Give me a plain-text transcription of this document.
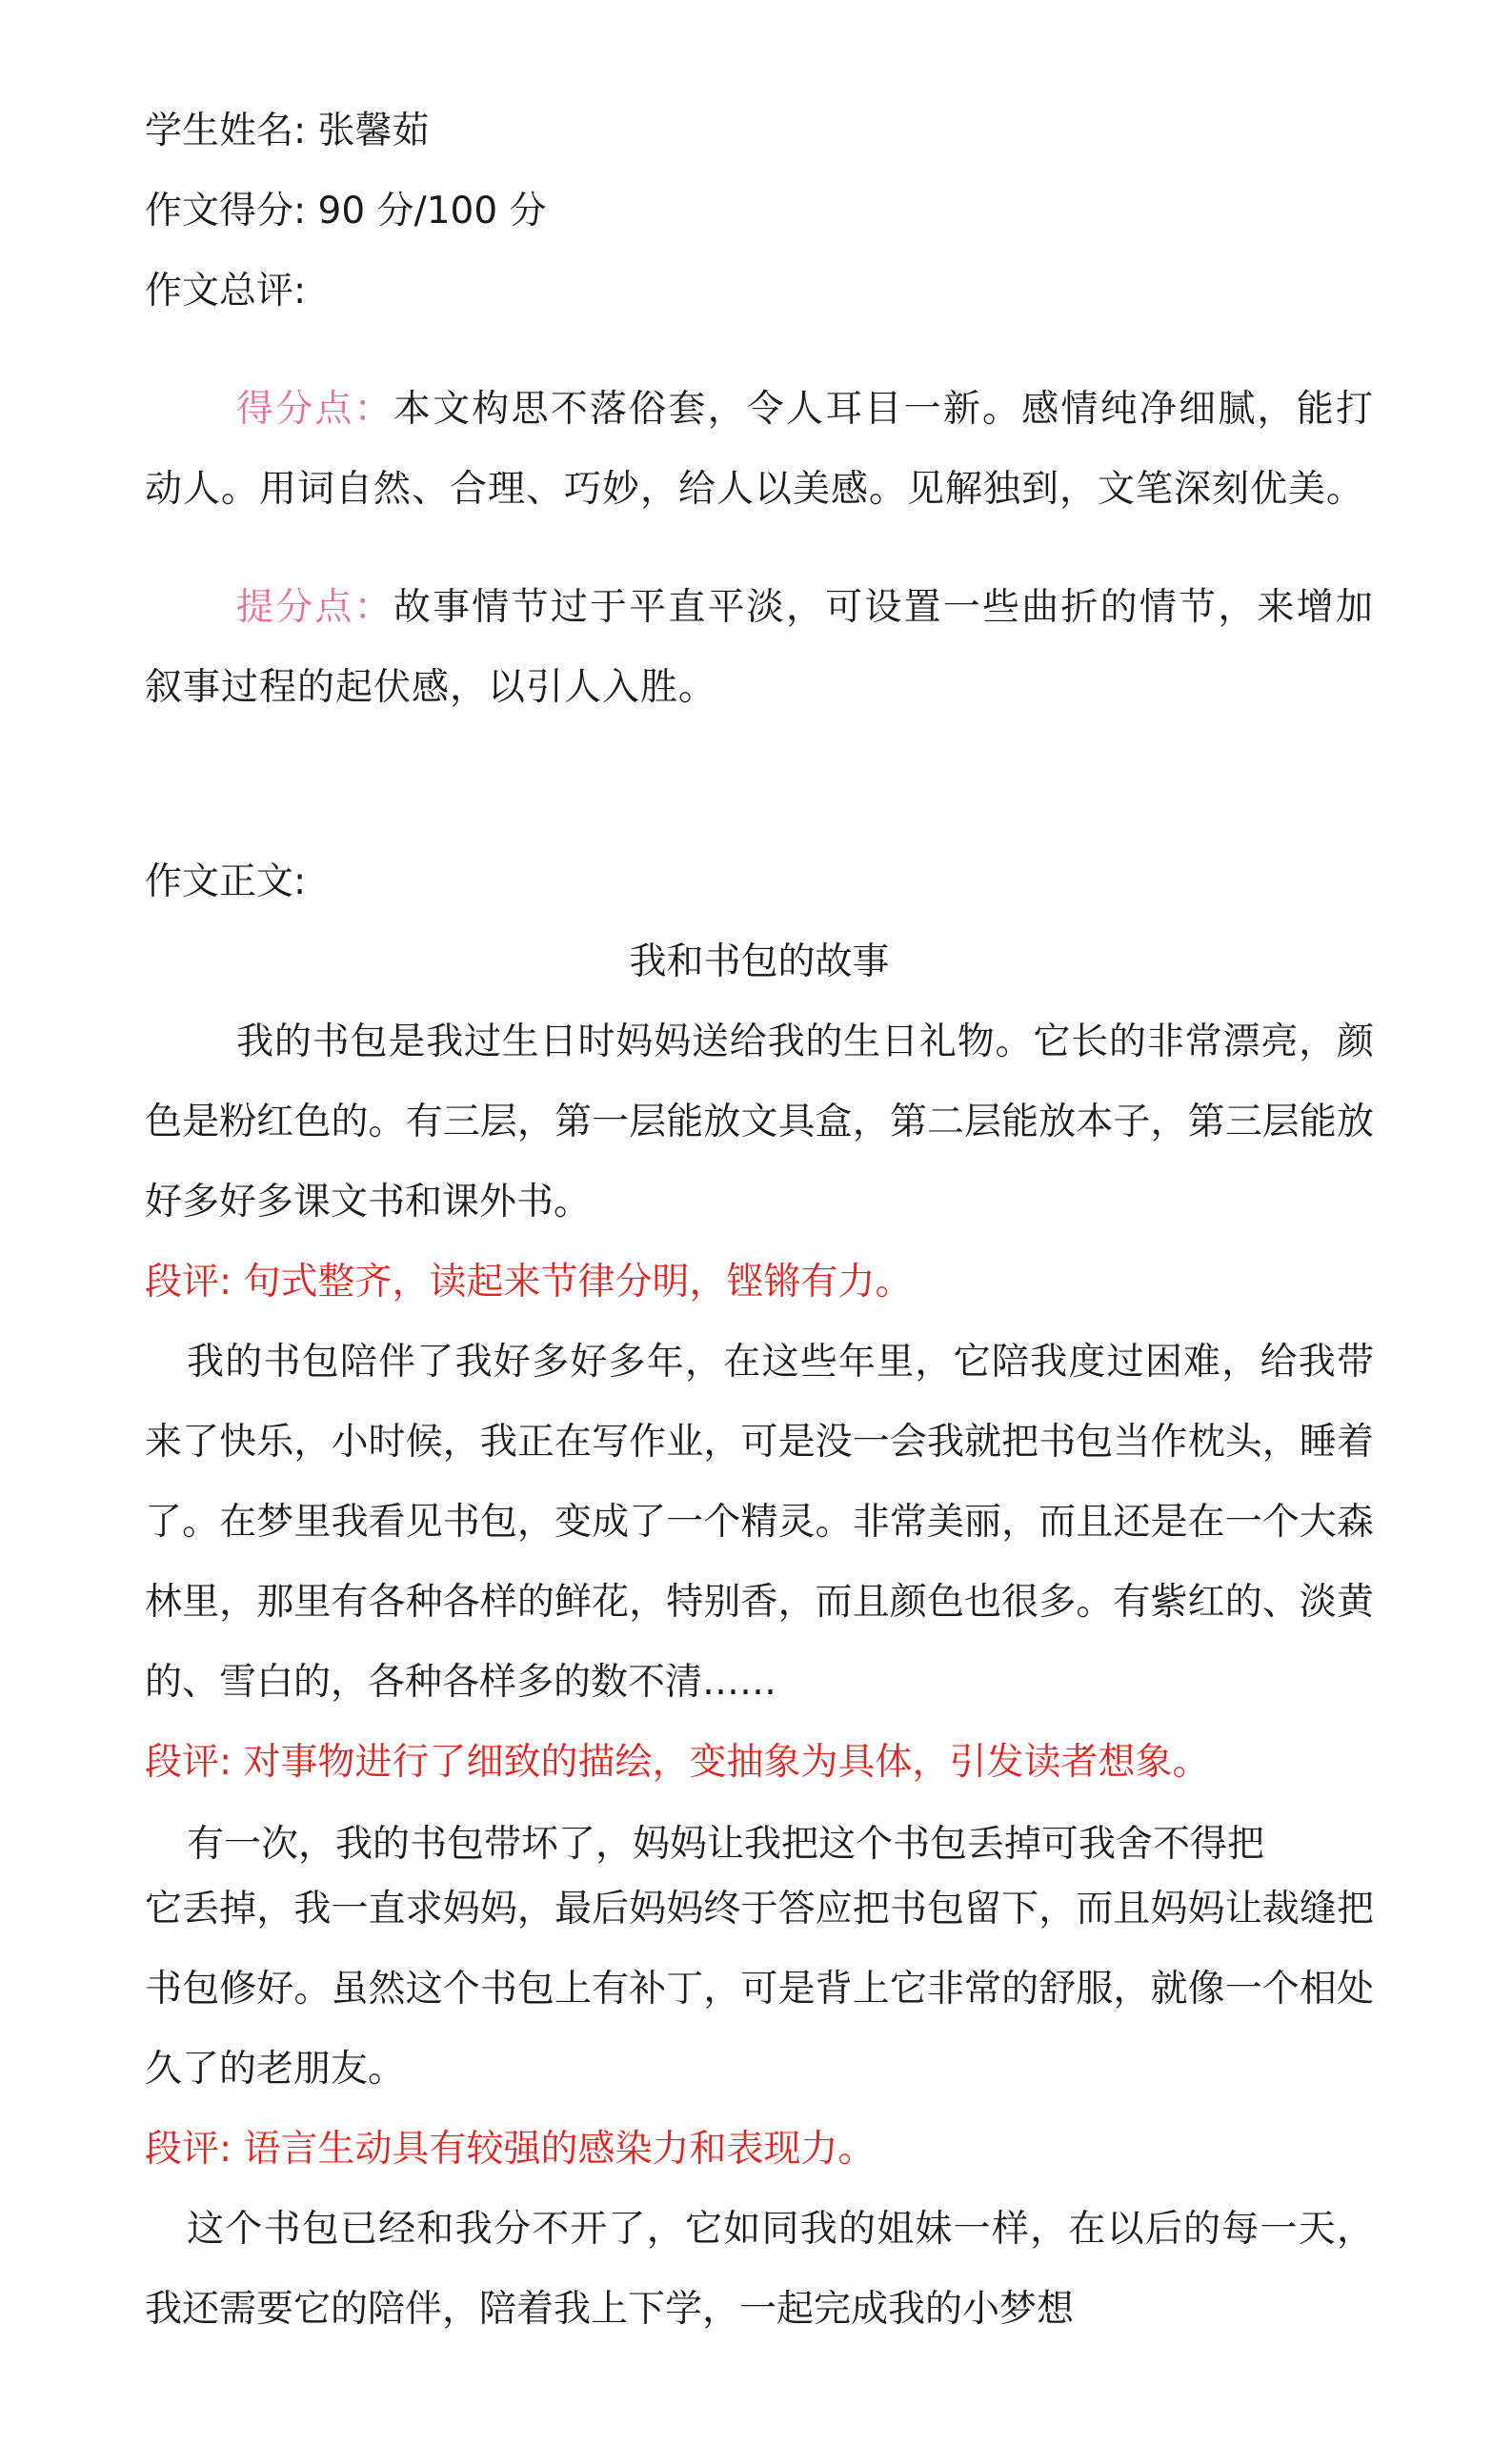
学生姓名: 张馨茹
作文得分: 90 分/100 分
作文总评:
得分点：本文构思不落俗套，令人耳目一新。感情纯净细腻，能打动人。用词自然、合理、巧妙，给人以美感。见解独到，文笔深刻优美。
提分点：故事情节过于平直平淡，可设置一些曲折的情节，来增加叙事过程的起伏感，以引人入胜。
作文正文:
我和书包的故事
我的书包是我过生日时妈妈送给我的生日礼物。它长的非常漂亮，颜色是粉红色的。有三层，第一层能放文具盒，第二层能放本子，第三层能放好多好多课文书和课外书。
段评: 句式整齐，读起来节律分明，铿锵有力。
我的书包陪伴了我好多好多年，在这些年里，它陪我度过困难，给我带来了快乐，小时候，我正在写作业，可是没一会我就把书包当作枕头，睡着了。在梦里我看见书包，变成了一个精灵。非常美丽，而且还是在一个大森林里，那里有各种各样的鲜花，特别香，而且颜色也很多。有紫红的、淡黄的、雪白的，各种各样多的数不清……
段评: 对事物进行了细致的描绘，变抽象为具体，引发读者想象。
有一次，我的书包带坏了，妈妈让我把这个书包丢掉可我舍不得把
它丢掉，我一直求妈妈，最后妈妈终于答应把书包留下，而且妈妈让裁缝把书包修好。虽然这个书包上有补丁，可是背上它非常的舒服，就像一个相处久了的老朋友。
段评: 语言生动具有较强的感染力和表现力。
这个书包已经和我分不开了，它如同我的姐妹一样，在以后的每一天，我还需要它的陪伴，陪着我上下学，一起完成我的小梦想
